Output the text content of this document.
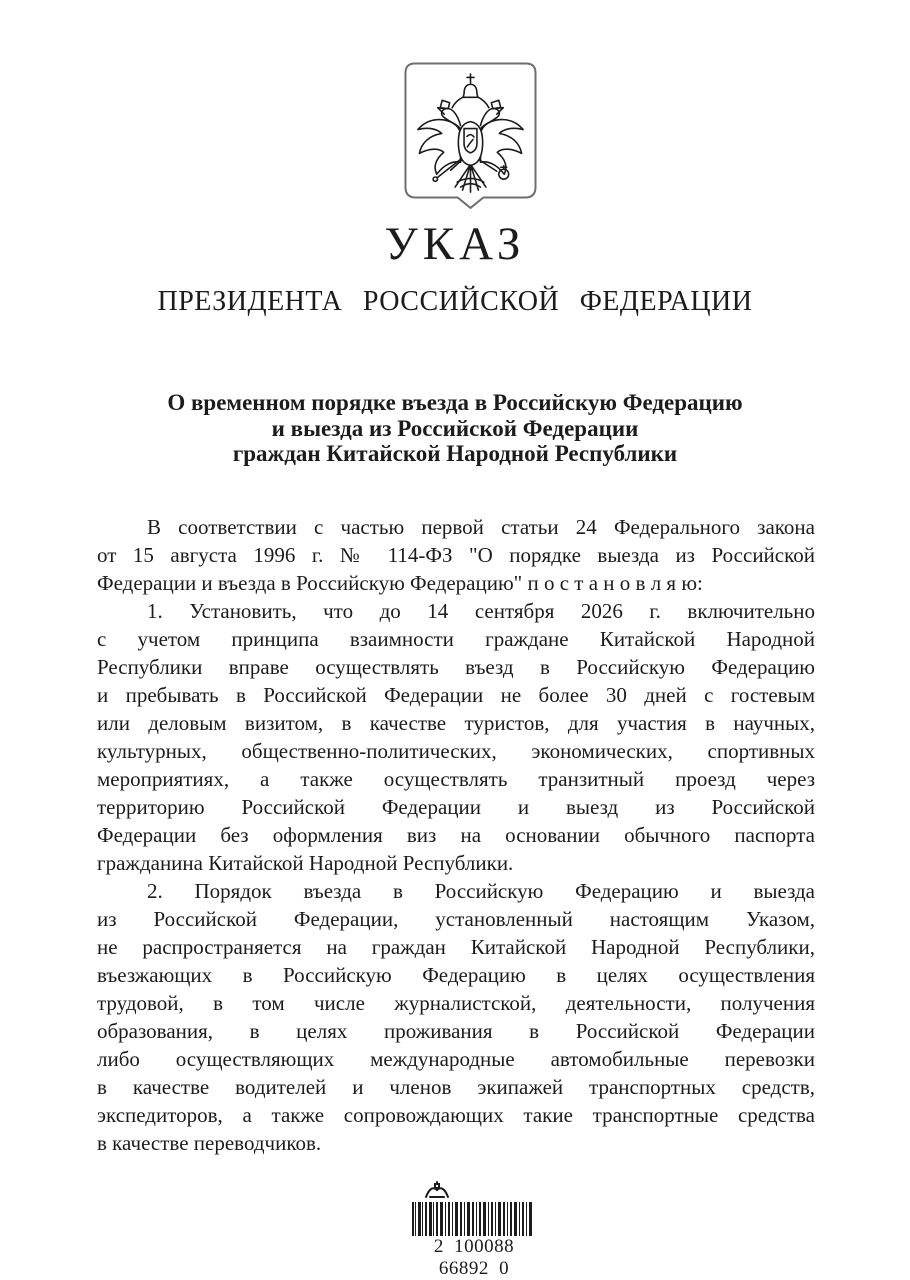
УКАЗ
ПРЕЗИДЕНТА РОССИЙСКОЙ ФЕДЕРАЦИИ
О временном порядке въезда в Российскую Федерацию
и выезда из Российской Федерации
граждан Китайской Народной Республики
В соответствии с частью первой статьи 24 Федерального закона
от 15 августа 1996 г. № 114-ФЗ "О порядке выезда из Российской
Федерации и въезда в Российскую Федерацию" п о с т а н о в л я ю:
1. Установить, что до 14 сентября 2026 г. включительно
с учетом принципа взаимности граждане Китайской Народной
Республики вправе осуществлять въезд в Российскую Федерацию
и пребывать в Российской Федерации не более 30 дней с гостевым
или деловым визитом, в качестве туристов, для участия в научных,
культурных, общественно-политических, экономических, спортивных
мероприятиях, а также осуществлять транзитный проезд через
территорию Российской Федерации и выезд из Российской
Федерации без оформления виз на основании обычного паспорта
гражданина Китайской Народной Республики.
2. Порядок въезда в Российскую Федерацию и выезда
из Российской Федерации, установленный настоящим Указом,
не распространяется на граждан Китайской Народной Республики,
въезжающих в Российскую Федерацию в целях осуществления
трудовой, в том числе журналистской, деятельности, получения
образования, в целях проживания в Российской Федерации
либо осуществляющих международные автомобильные перевозки
в качестве водителей и членов экипажей транспортных средств,
экспедиторов, а также сопровождающих такие транспортные средства
в качестве переводчиков.
2 100088 66892 0
